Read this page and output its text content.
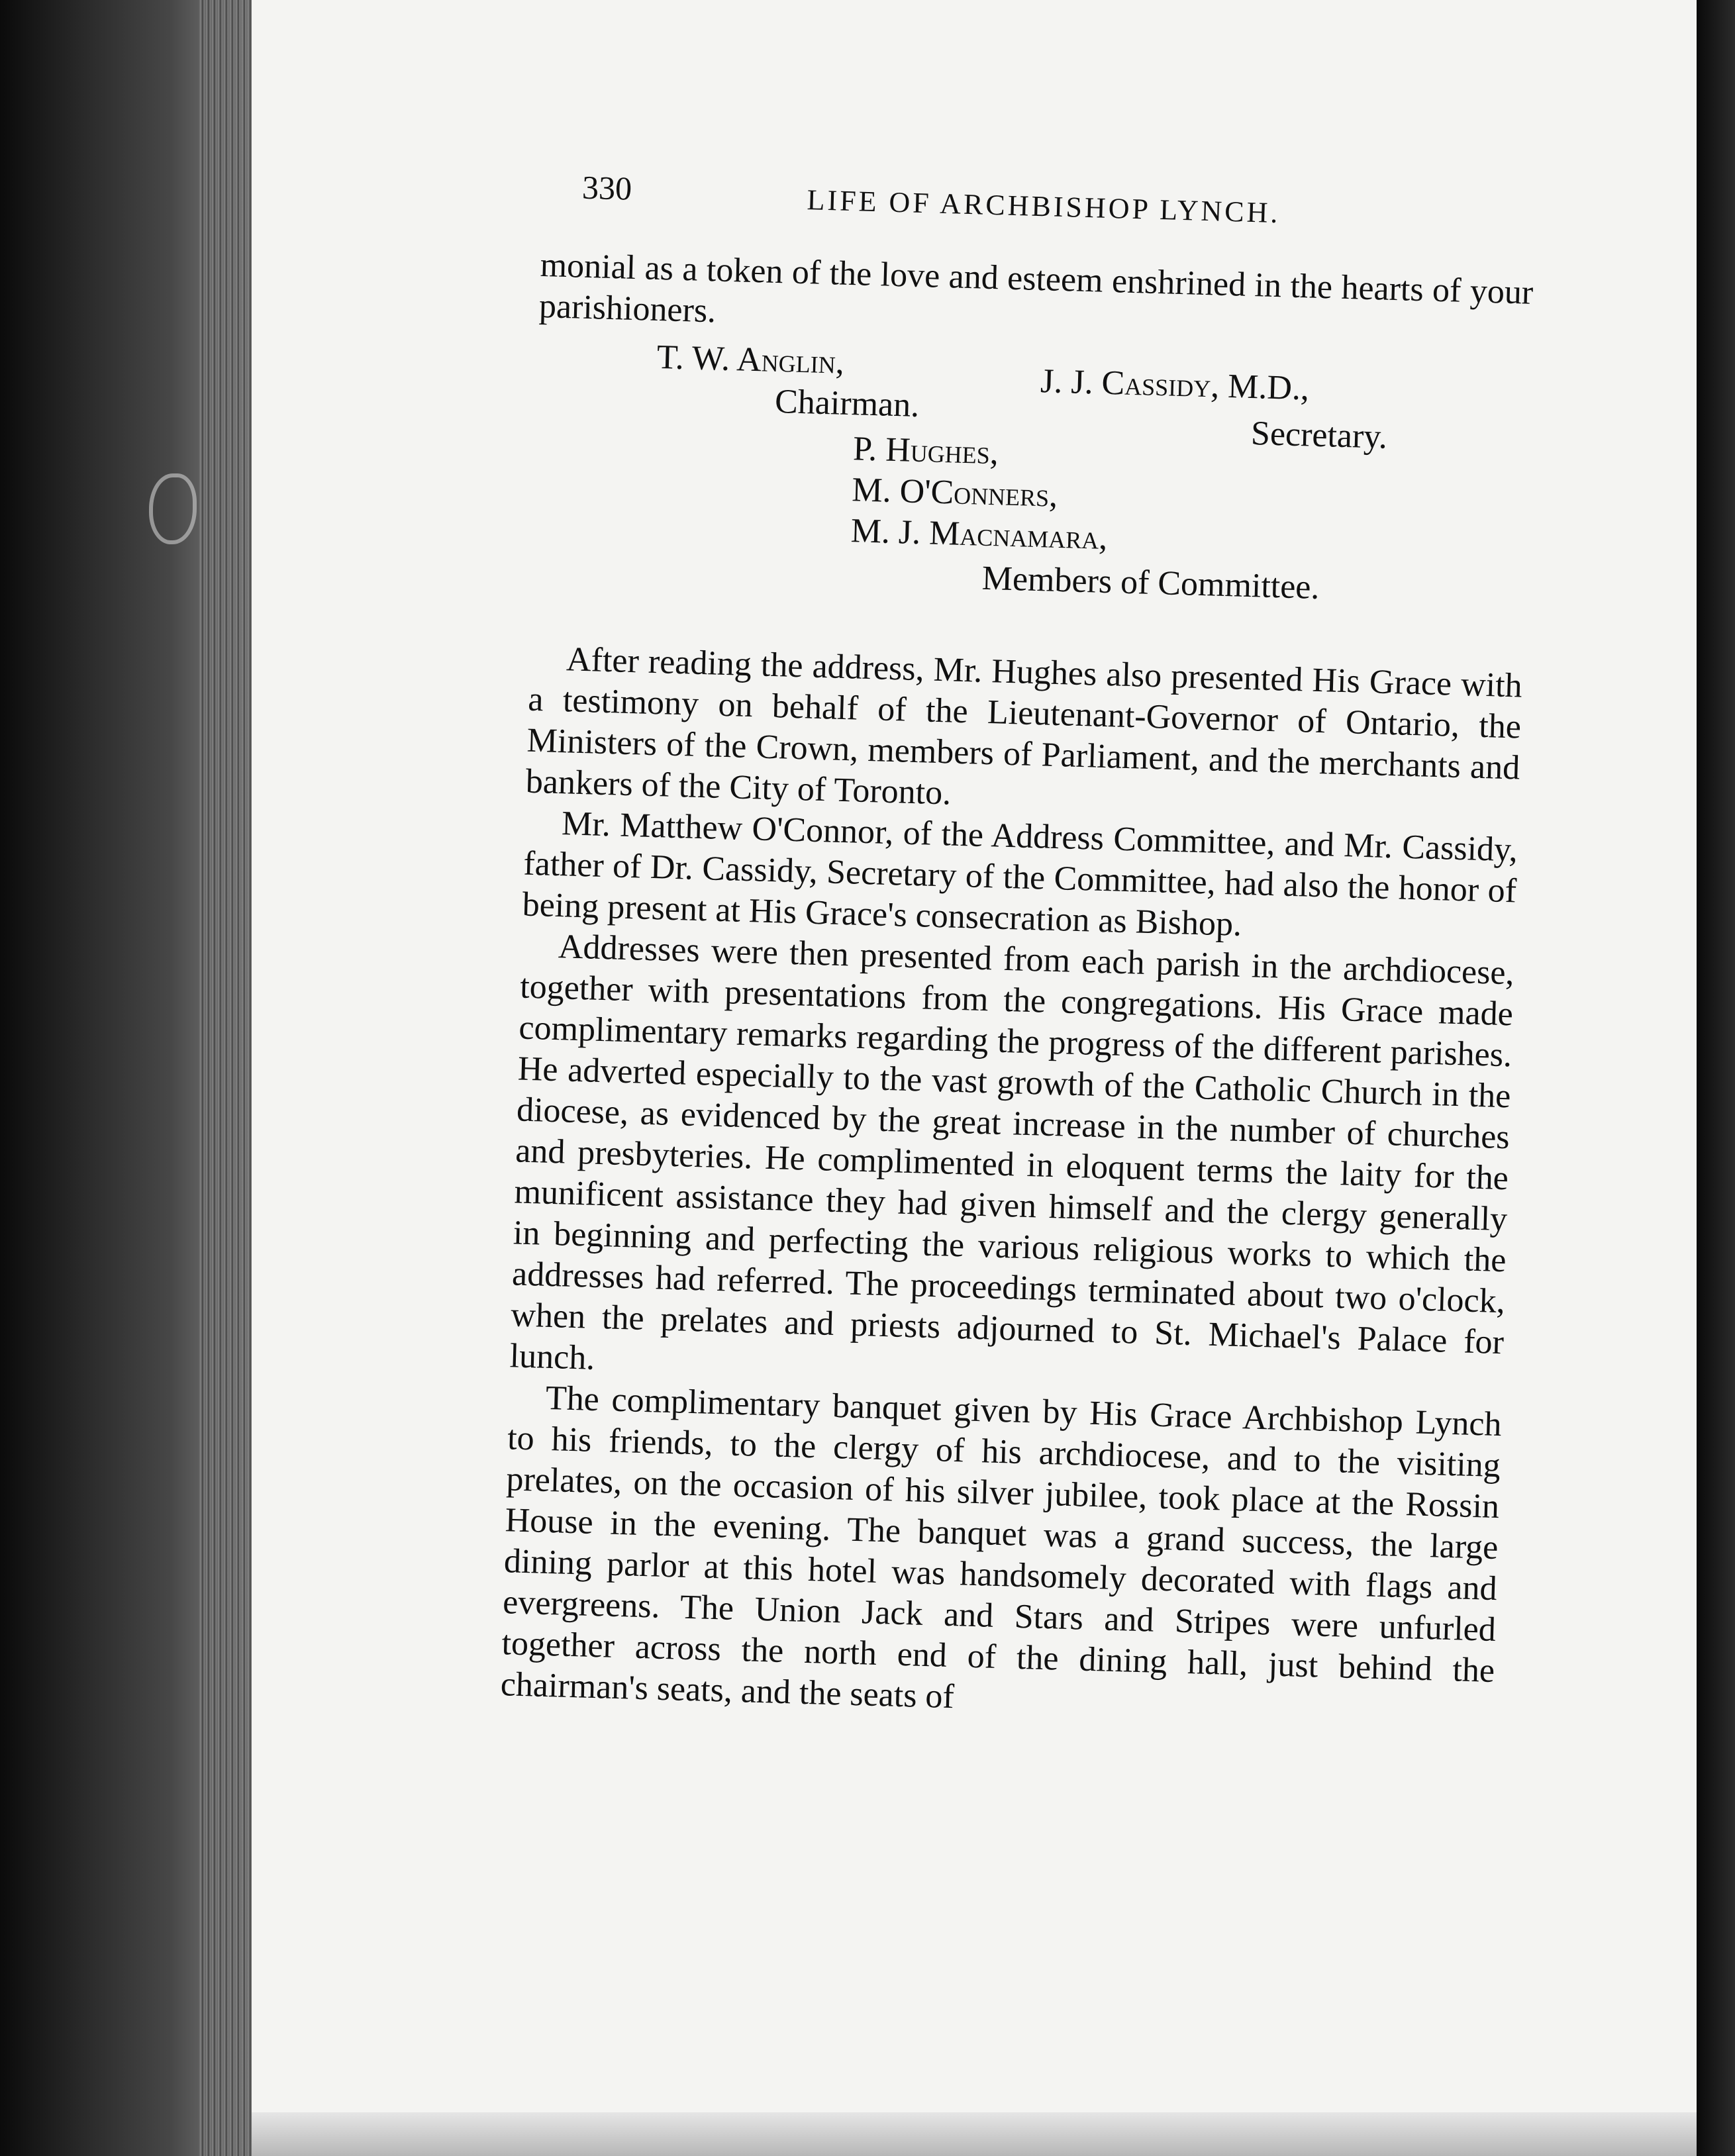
330	LIFE OF ARCHBISHOP LYNCH.

monial as a token of the love and esteem enshrined in the hearts of your parishioners.

T. W. Anglin,
Chairman.	J. J. Cassidy, M.D.,
Secretary.
P. Hughes,
M. O'Conners,
M. J. Macnamara,
Members of Committee.

After reading the address, Mr. Hughes also presented His Grace with a testimony on behalf of the Lieutenant-Governor of Ontario, the Ministers of the Crown, members of Parliament, and the merchants and bankers of the City of Toronto.

Mr. Matthew O'Connor, of the Address Committee, and Mr. Cassidy, father of Dr. Cassidy, Secretary of the Committee, had also the honor of being present at His Grace's consecration as Bishop.

Addresses were then presented from each parish in the archdiocese, together with presentations from the congregations. His Grace made complimentary remarks regarding the progress of the different parishes. He adverted especially to the vast growth of the Catholic Church in the diocese, as evidenced by the great increase in the number of churches and presbyteries. He complimented in eloquent terms the laity for the munificent assistance they had given himself and the clergy generally in beginning and perfecting the various religious works to which the addresses had referred. The proceedings terminated about two o'clock, when the prelates and priests adjourned to St. Michael's Palace for lunch.

The complimentary banquet given by His Grace Archbishop Lynch to his friends, to the clergy of his archdiocese, and to the visiting prelates, on the occasion of his silver jubilee, took place at the Rossin House in the evening. The banquet was a grand success, the large dining parlor at this hotel was handsomely decorated with flags and evergreens. The Union Jack and Stars and Stripes were unfurled together across the north end of the dining hall, just behind the chairman's seats, and the seats of
